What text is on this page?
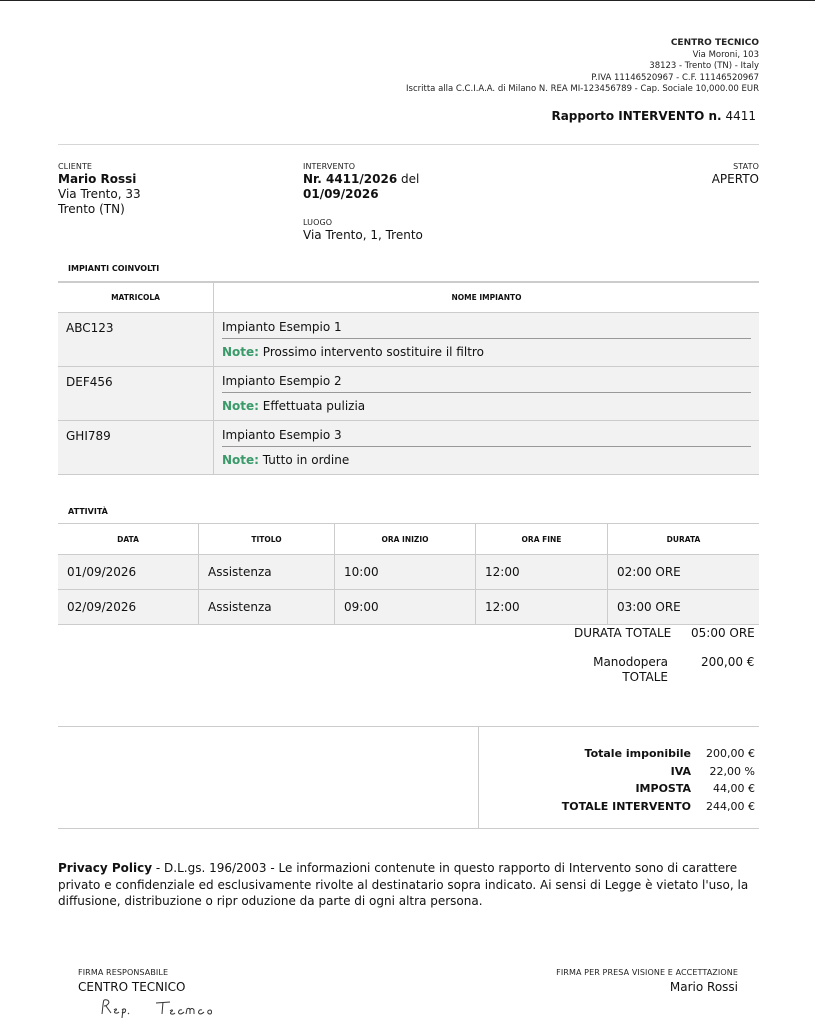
CENTRO TECNICO
Via Moroni, 103
38123 - Trento (TN) - Italy
P.IVA 11146520967 - C.F. 11146520967
Iscritta alla C.C.I.A.A. di Milano N. REA MI-123456789 - Cap. Sociale 10,000.00 EUR
Rapporto INTERVENTO n. 4411
CLIENTE
Mario Rossi
Via Trento, 33
Trento (TN)
INTERVENTO
Nr. 4411/2026 del
01/09/2026
LUOGO
Via Trento, 1, Trento
STATO
APERTO
IMPIANTI COINVOLTI
MATRICOLA	NOME IMPIANTO
ABC123	Impianto Esempio 1
Note: Prossimo intervento sostituire il filtro

DEF456	Impianto Esempio 2
Note: Effettuata pulizia

GHI789	Impianto Esempio 3
Note: Tutto in ordine
ATTIVITÀ
DATA	TITOLO	ORA INIZIO	ORA FINE	DURATA
01/09/2026	Assistenza	10:00	12:00	02:00 ORE
02/09/2026	Assistenza	09:00	12:00	03:00 ORE
DURATA TOTALE 05:00 ORE
Manodopera
TOTALE
200,00 €
Totale imponibile	200,00 €
IVA	22,00 %
IMPOSTA	44,00 €
TOTALE INTERVENTO	244,00 €
Privacy Policy - D.L.gs. 196/2003 - Le informazioni contenute in questo rapporto di Intervento sono di carattere privato e confidenziale ed esclusivamente rivolte al destinatario sopra indicato. Ai sensi di Legge è vietato l'uso, la diffusione, distribuzione o ripr oduzione da parte di ogni altra persona.
FIRMA RESPONSABILE
CENTRO TECNICO
FIRMA PER PRESA VISIONE E ACCETTAZIONE
Mario Rossi
